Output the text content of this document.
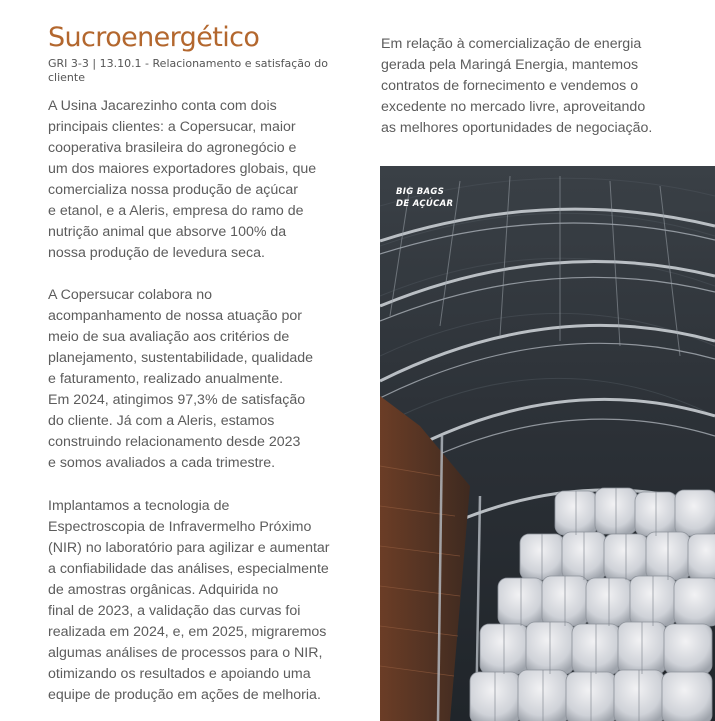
Sucroenergético
GRI 3-3 | 13.10.1 - Relacionamento e satisfação do cliente
A Usina Jacarezinho conta com dois
principais clientes: a Copersucar, maior
cooperativa brasileira do agronegócio e
um dos maiores exportadores globais, que
comercializa nossa produção de açúcar
e etanol, e a Aleris, empresa do ramo de
nutrição animal que absorve 100% da
nossa produção de levedura seca.
A Copersucar colabora no
acompanhamento de nossa atuação por
meio de sua avaliação aos critérios de
planejamento, sustentabilidade, qualidade
e faturamento, realizado anualmente.
Em 2024, atingimos 97,3% de satisfação
do cliente. Já com a Aleris, estamos
construindo relacionamento desde 2023
e somos avaliados a cada trimestre.
Implantamos a tecnologia de
Espectroscopia de Infravermelho Próximo
(NIR) no laboratório para agilizar e aumentar
a confiabilidade das análises, especialmente
de amostras orgânicas. Adquirida no
final de 2023, a validação das curvas foi
realizada em 2024, e, em 2025, migraremos
algumas análises de processos para o NIR,
otimizando os resultados e apoiando uma
equipe de produção em ações de melhoria.
Em relação à comercialização de energia
gerada pela Maringá Energia, mantemos
contratos de fornecimento e vendemos o
excedente no mercado livre, aproveitando
as melhores oportunidades de negociação.
BIG BAGS
DE AÇÚCAR
